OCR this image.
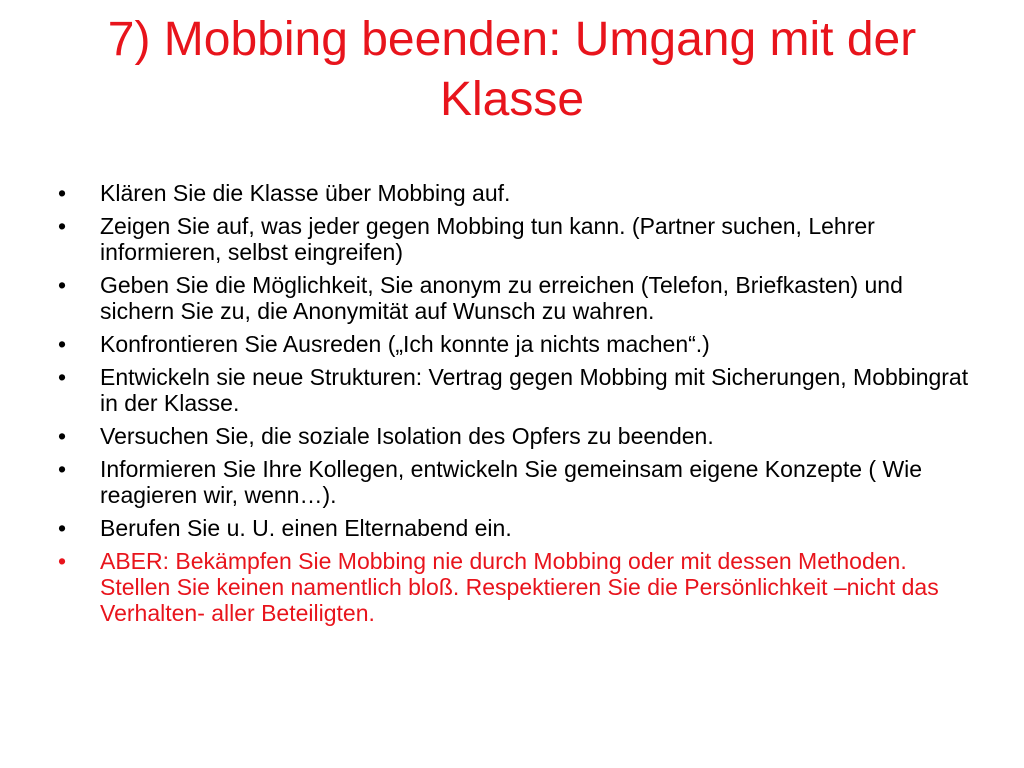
7) Mobbing beenden: Umgang mit der Klasse
•	Klären Sie die Klasse über Mobbing auf.
•	Zeigen Sie auf, was jeder gegen Mobbing tun kann. (Partner suchen, Lehrer informieren, selbst eingreifen)
•	Geben Sie die Möglichkeit, Sie anonym zu erreichen (Telefon, Briefkasten) und sichern Sie zu, die Anonymität auf Wunsch zu wahren.
•	Konfrontieren Sie Ausreden („Ich konnte ja nichts machen“.)
•	Entwickeln sie neue Strukturen: Vertrag gegen Mobbing mit Sicherungen, Mobbingrat in der Klasse.
•	Versuchen Sie, die soziale Isolation des Opfers zu beenden.
•	Informieren Sie Ihre Kollegen, entwickeln Sie gemeinsam eigene Konzepte ( Wie reagieren wir, wenn…).
•	Berufen Sie u. U. einen Elternabend ein.
•	ABER: Bekämpfen Sie Mobbing nie durch Mobbing oder mit dessen Methoden. Stellen Sie keinen namentlich bloß. Respektieren Sie die Persönlichkeit –nicht das Verhalten- aller Beteiligten.
